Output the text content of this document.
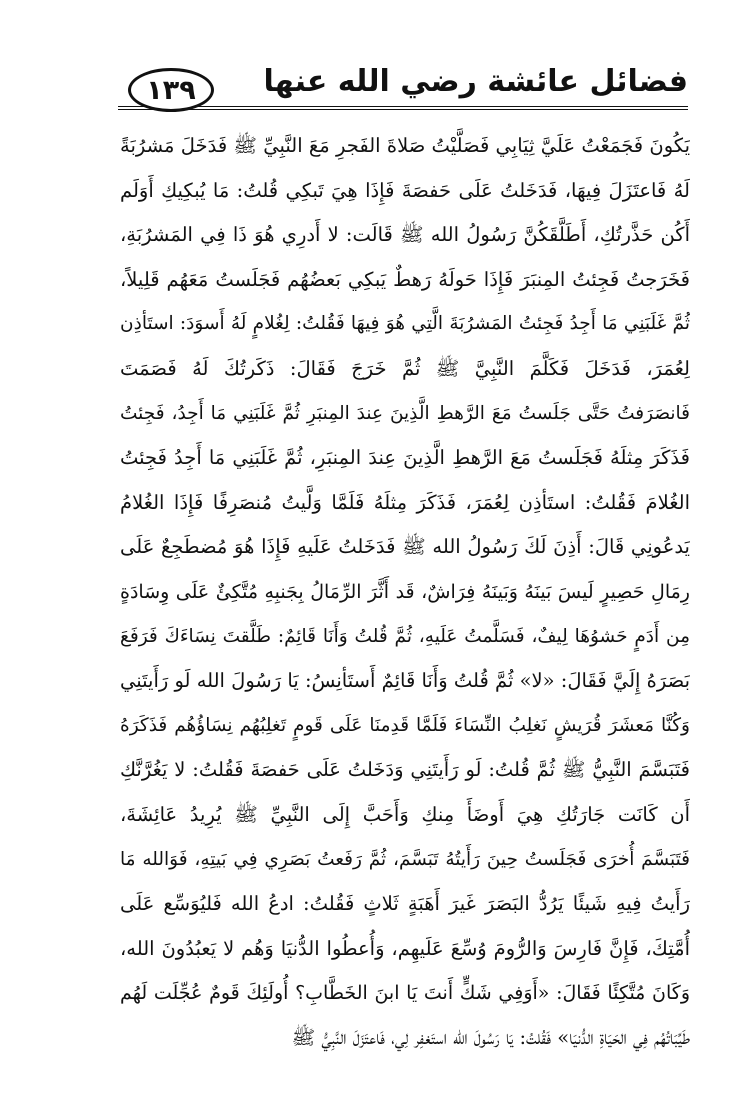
١٣٩ فضائل عائشة رضي الله عنها
يَكُونَ فَجَمَعْتُ عَلَيَّ ثِيَابِي فَصَلَّيْتُ صَلاةَ الفَجرِ مَعَ النَّبِيِّ ﷺ فَدَخَلَ مَشرُبَةً
لَهُ فَاعتَزَلَ فِيهَا، فَدَخَلتُ عَلَى حَفصَةَ فَإِذَا هِيَ تَبكِي قُلتُ: مَا يُبكِيكِ أَوَلَم
أَكُن حَذَّرتُكِ، أَطَلَّقَكُنَّ رَسُولُ الله ﷺ قَالَت: لا أَدرِي هُوَ ذَا فِي المَشرُبَةِ،
فَخَرَجتُ فَجِئتُ المِنبَرَ فَإِذَا حَولَهُ رَهطٌ يَبكِي بَعضُهُم فَجَلَستُ مَعَهُم قَلِيلاً،
ثُمَّ غَلَبَنِي مَا أَجِدُ فَجِئتُ المَشرُبَةَ الَّتِي هُوَ فِيهَا فَقُلتُ: لِغُلامٍ لَهُ أَسوَدَ: استَأذِن
لِعُمَرَ، فَدَخَلَ فَكَلَّمَ النَّبِيَّ ﷺ ثُمَّ خَرَجَ فَقَالَ: ذَكَرتُكَ لَهُ فَصَمَتَ
فَانصَرَفتُ حَتَّى جَلَستُ مَعَ الرَّهطِ الَّذِينَ عِندَ المِنبَرِ ثُمَّ غَلَبَنِي مَا أَجِدُ، فَجِئتُ
فَذَكَرَ مِثلَهُ فَجَلَستُ مَعَ الرَّهطِ الَّذِينَ عِندَ المِنبَرِ، ثُمَّ غَلَبَنِي مَا أَجِدُ فَجِئتُ
الغُلامَ فَقُلتُ: استَأذِن لِعُمَرَ، فَذَكَرَ مِثلَهُ فَلَمَّا وَلَّيتُ مُنصَرِفًا فَإِذَا الغُلامُ
يَدعُونِي قَالَ: أَذِنَ لَكَ رَسُولُ الله ﷺ فَدَخَلتُ عَلَيهِ فَإِذَا هُوَ مُضطَجِعٌ عَلَى
رِمَالِ حَصِيرٍ لَيسَ بَينَهُ وَبَينَهُ فِرَاشٌ، قَد أَثَّرَ الرِّمَالُ بِجَنبِهِ مُتَّكِئٌ عَلَى وِسَادَةٍ
مِن أَدَمٍ حَشوُهَا لِيفٌ، فَسَلَّمتُ عَلَيهِ، ثُمَّ قُلتُ وَأَنَا قَائِمٌ: طَلَّقتَ نِسَاءَكَ فَرَفَعَ
بَصَرَهُ إِلَيَّ فَقَالَ: «لا» ثُمَّ قُلتُ وَأَنَا قَائِمٌ أَستَأنِسُ: يَا رَسُولَ الله لَو رَأَيتَنِي
وَكُنَّا مَعشَرَ قُرَيشٍ نَغلِبُ النِّسَاءَ فَلَمَّا قَدِمنَا عَلَى قَومٍ تَغلِبُهُم نِسَاؤُهُم فَذَكَرَهُ
فَتَبَسَّمَ النَّبِيُّ ﷺ ثُمَّ قُلتُ: لَو رَأَيتَنِي وَدَخَلتُ عَلَى حَفصَةَ فَقُلتُ: لا يَغُرَّنَّكِ
أَن كَانَت جَارَتُكِ هِيَ أَوضَأَ مِنكِ وَأَحَبَّ إِلَى النَّبِيِّ ﷺ يُرِيدُ عَائِشَةَ،
فَتَبَسَّمَ أُخرَى فَجَلَستُ حِينَ رَأَيتُهُ تَبَسَّمَ، ثُمَّ رَفَعتُ بَصَرِي فِي بَيتِهِ، فَوَالله مَا
رَأَيتُ فِيهِ شَيئًا يَرُدُّ البَصَرَ غَيرَ أَهَبَةٍ ثَلاثٍ فَقُلتُ: ادعُ الله فَليُوَسِّع عَلَى
أُمَّتِكَ، فَإِنَّ فَارِسَ وَالرُّومَ وُسِّعَ عَلَيهِم، وَأُعطُوا الدُّنيَا وَهُم لا يَعبُدُونَ الله،
وَكَانَ مُتَّكِئًا فَقَالَ: «أَوَفِي شَكٍّ أَنتَ يَا ابنَ الخَطَّابِ؟ أُولَئِكَ قَومٌ عُجِّلَت لَهُم
طَيِّبَاتُهُم فِي الحَيَاةِ الدُّنيَا» فَقُلتُ: يَا رَسُولَ الله استَغفِر لِي، فَاعتَزَلَ النَّبِيُّ ﷺ
